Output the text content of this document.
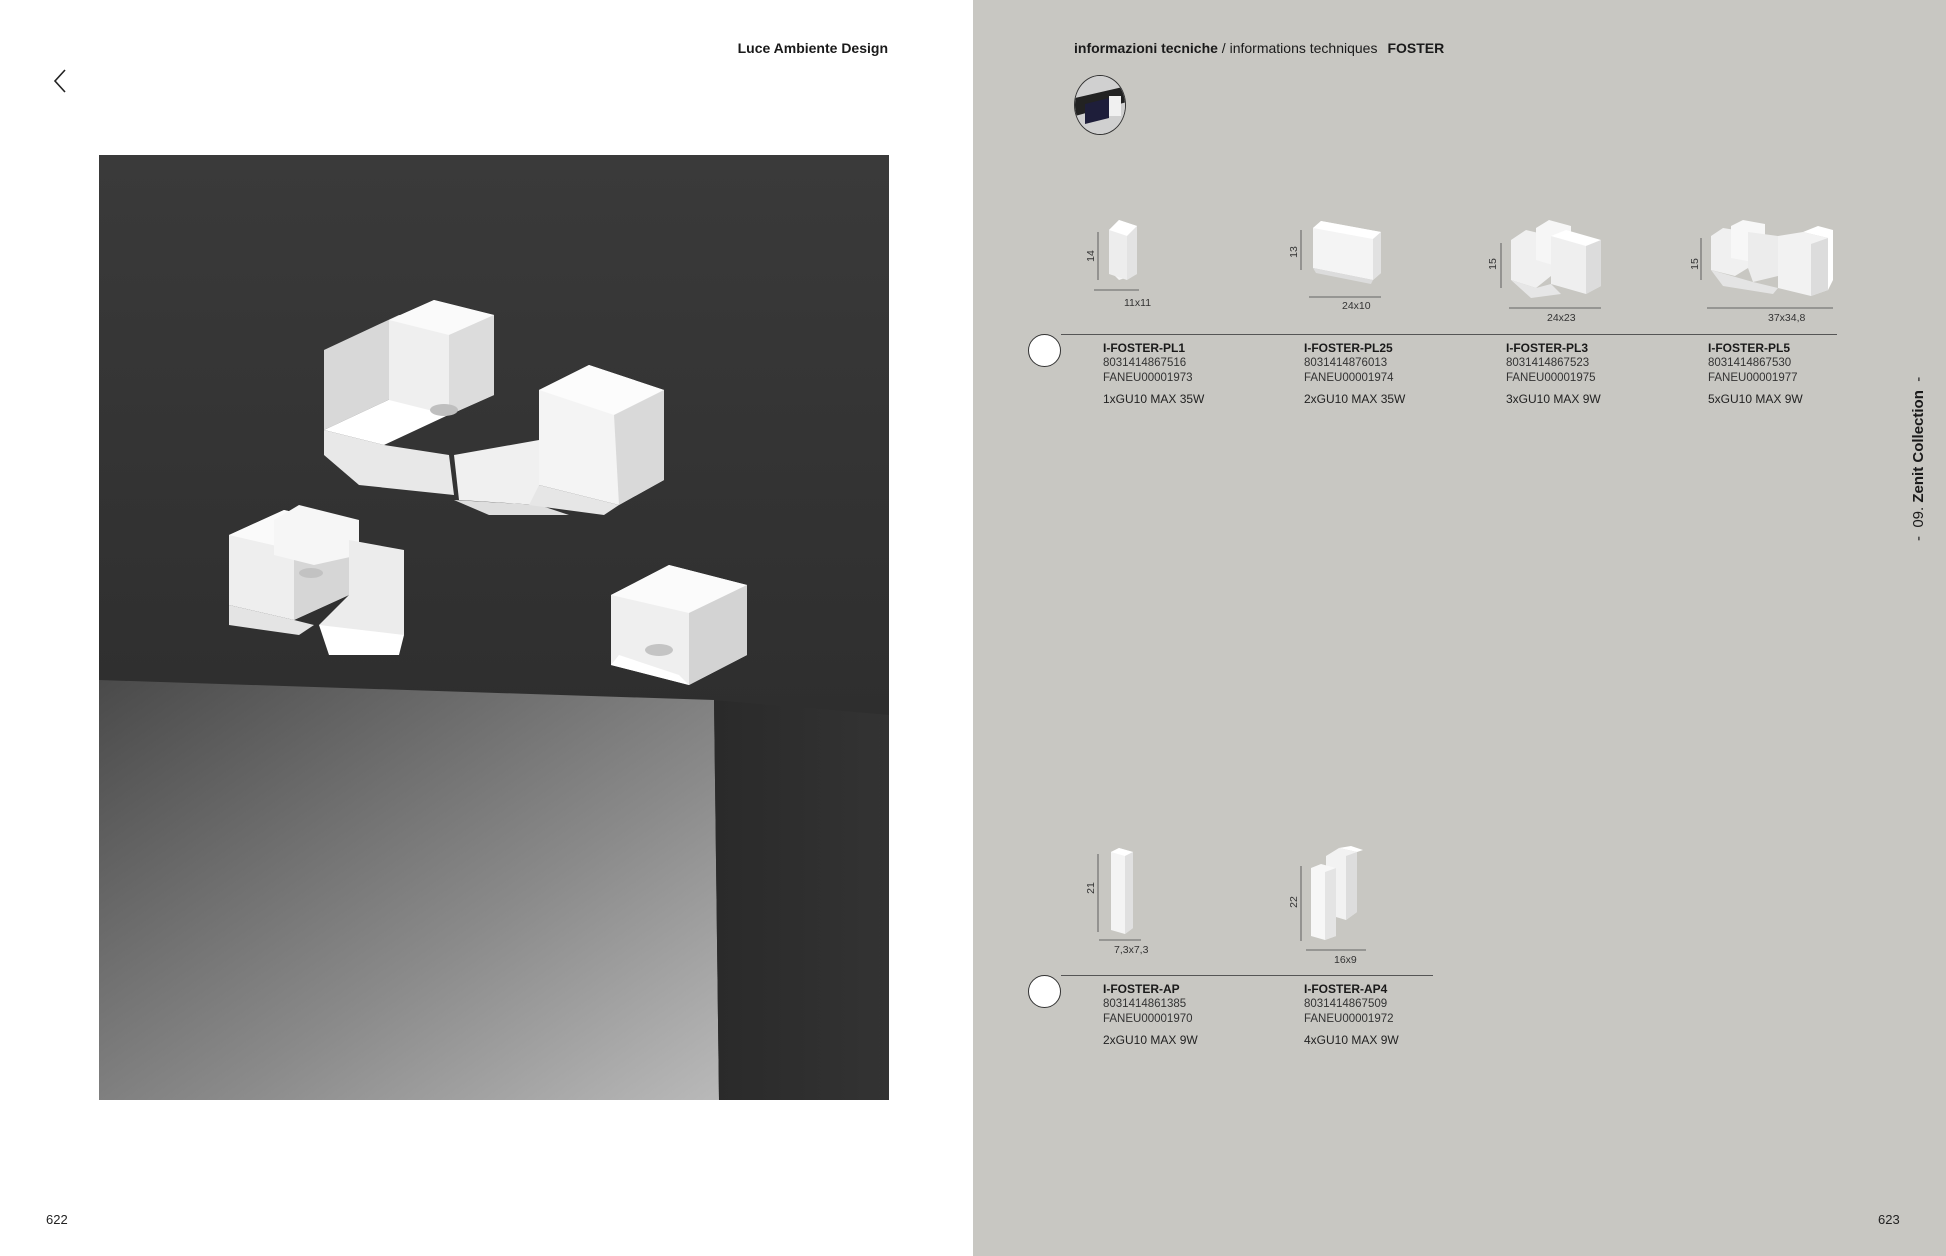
Luce Ambiente Design
622
informazioni tecniche / informations techniques FOSTER
14
11x11
13
24x10
15
24x23
15
37x34,8
I-FOSTER-PL1
8031414867516
FANEU00001973
1xGU10 MAX 35W
I-FOSTER-PL25
8031414876013
FANEU00001974
2xGU10 MAX 35W
I-FOSTER-PL3
8031414867523
FANEU00001975
3xGU10 MAX 9W
I-FOSTER-PL5
8031414867530
FANEU00001977
5xGU10 MAX 9W
21
7,3x7,3
22
16x9
I-FOSTER-AP
8031414861385
FANEU00001970
2xGU10 MAX 9W
I-FOSTER-AP4
8031414867509
FANEU00001972
4xGU10 MAX 9W
-  09. Zenit Collection  -
623
